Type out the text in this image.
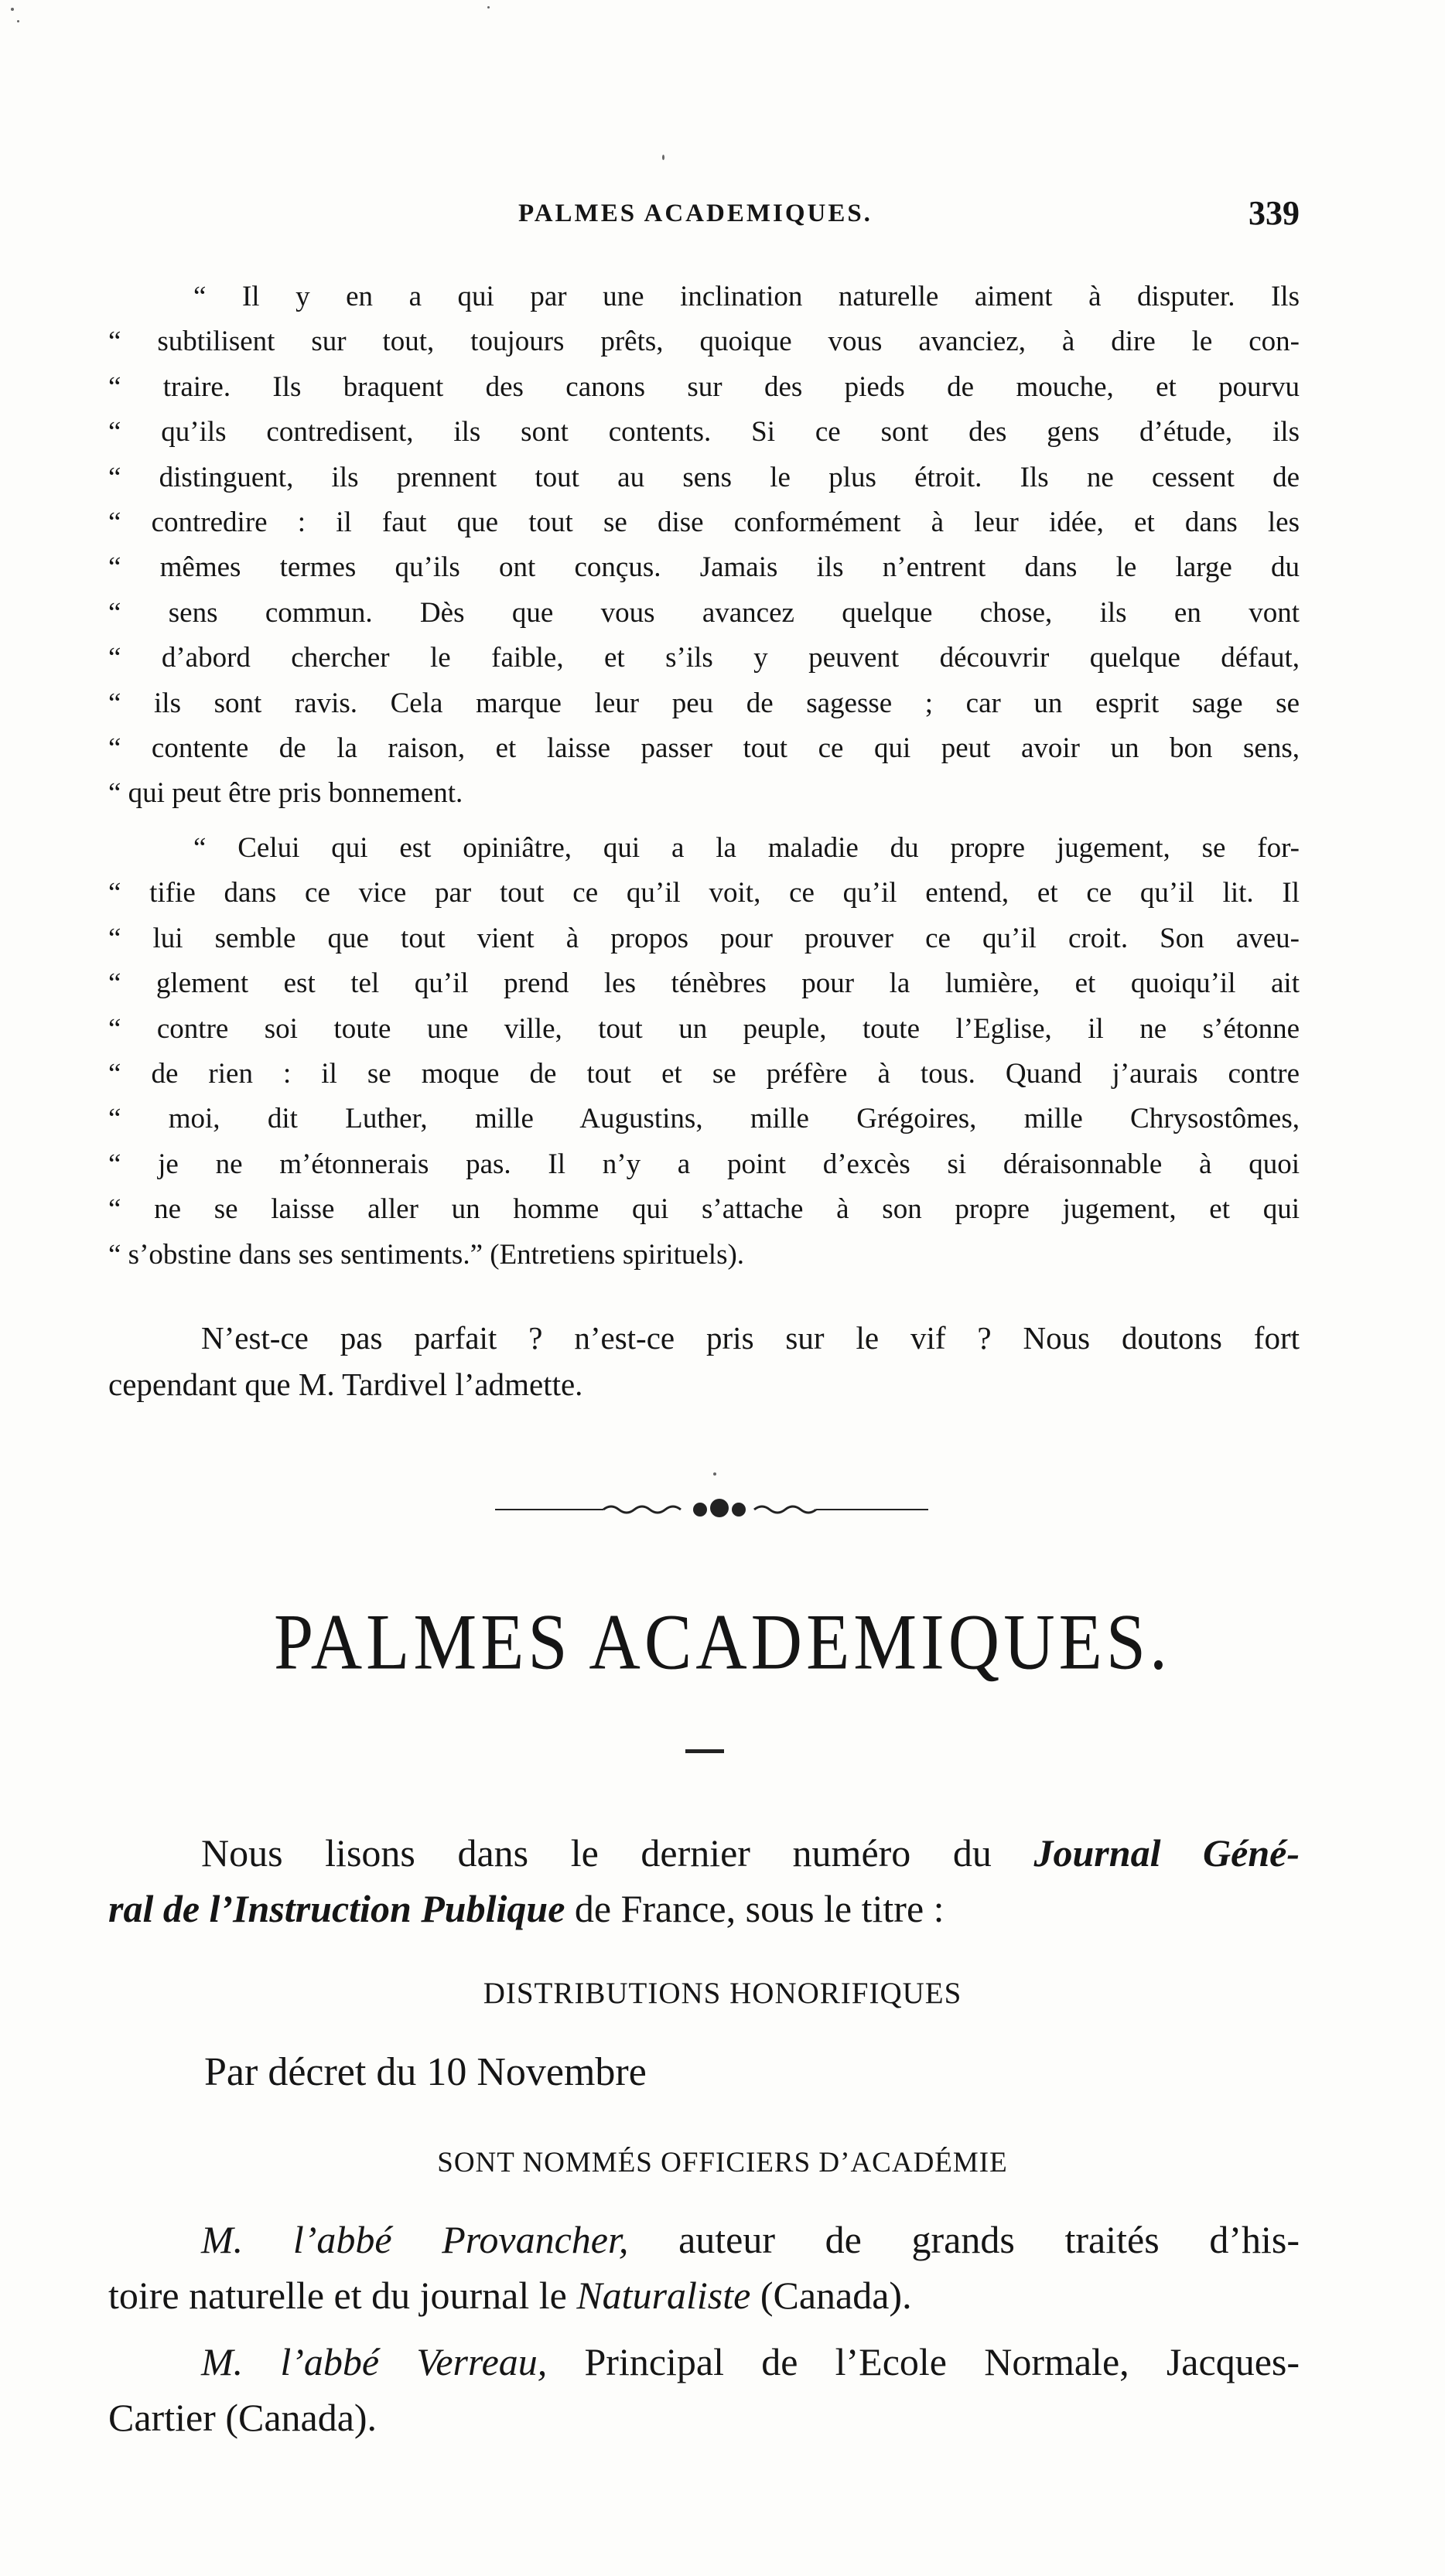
PALMES ACADEMIQUES.	339
“ Il y en a qui par une inclination naturelle aiment à disputer. Ils
“ subtilisent sur tout, toujours prêts, quoique vous avanciez, à dire le con-
“ traire. Ils braquent des canons sur des pieds de mouche, et pourvu
“ qu’ils contredisent, ils sont contents. Si ce sont des gens d’étude, ils
“ distinguent, ils prennent tout au sens le plus étroit. Ils ne cessent de
“ contredire : il faut que tout se dise conformément à leur idée, et dans les
“ mêmes termes qu’ils ont conçus. Jamais ils n’entrent dans le large du
“ sens commun. Dès que vous avancez quelque chose, ils en vont
“ d’abord chercher le faible, et s’ils y peuvent découvrir quelque défaut,
“ ils sont ravis. Cela marque leur peu de sagesse ; car un esprit sage se
“ contente de la raison, et laisse passer tout ce qui peut avoir un bon sens,
“ qui peut être pris bonnement.
“ Celui qui est opiniâtre, qui a la maladie du propre jugement, se for-
“ tifie dans ce vice par tout ce qu’il voit, ce qu’il entend, et ce qu’il lit. Il
“ lui semble que tout vient à propos pour prouver ce qu’il croit. Son aveu-
“ glement est tel qu’il prend les ténèbres pour la lumière, et quoiqu’il ait
“ contre soi toute une ville, tout un peuple, toute l’Eglise, il ne s’étonne
“ de rien : il se moque de tout et se préfère à tous. Quand j’aurais contre
“ moi, dit Luther, mille Augustins, mille Grégoires, mille Chrysostômes,
“ je ne m’étonnerais pas. Il n’y a point d’excès si déraisonnable à quoi
“ ne se laisse aller un homme qui s’attache à son propre jugement, et qui
“ s’obstine dans ses sentiments.” (Entretiens spirituels).
N’est-ce pas parfait ? n’est-ce pris sur le vif ? Nous doutons fort
cependant que M. Tardivel l’admette.
PALMES ACADEMIQUES.
Nous lisons dans le dernier numéro du Journal Géné-
ral de l’Instruction Publique de France, sous le titre :
DISTRIBUTIONS HONORIFIQUES
Par décret du 10 Novembre
SONT NOMMÉS OFFICIERS D’ACADÉMIE
M. l’abbé Provancher, auteur de grands traités d’his-
toire naturelle et du journal le Naturaliste (Canada).
M. l’abbé Verreau, Principal de l’Ecole Normale, Jacques-
Cartier (Canada).
